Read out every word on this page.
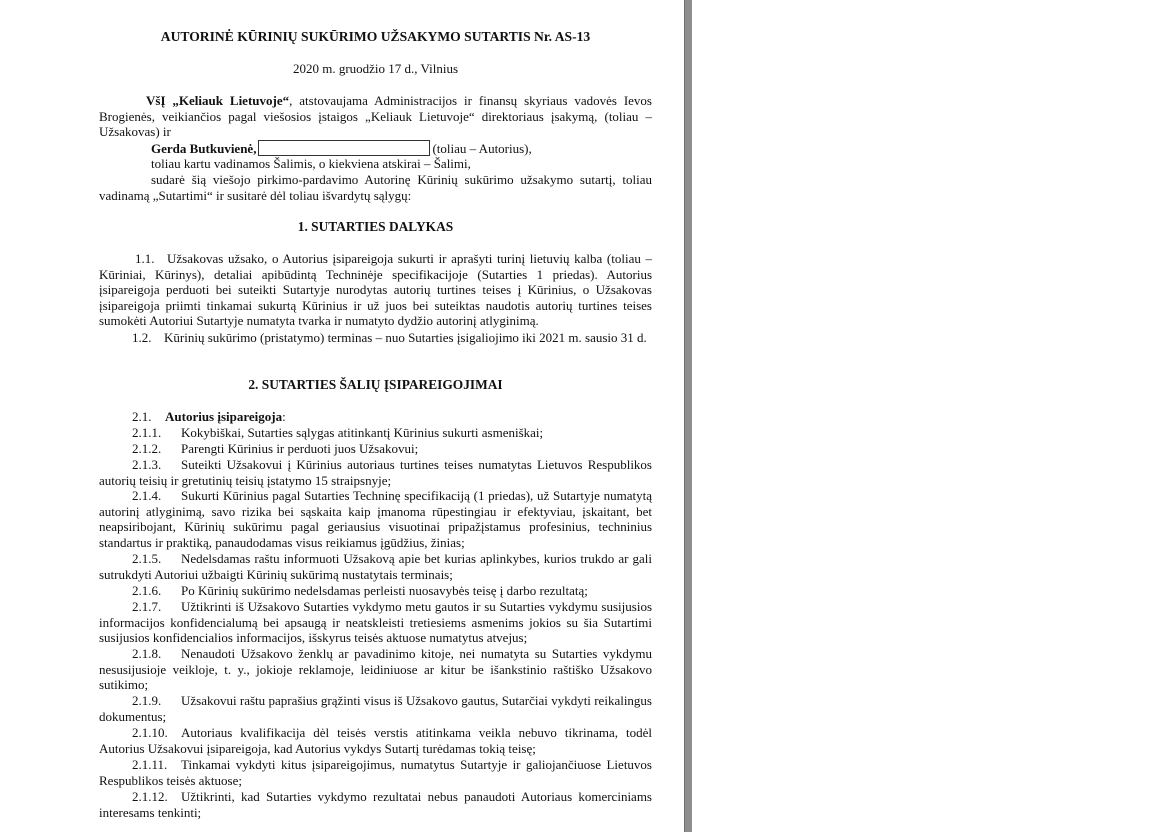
AUTORINĖ KŪRINIŲ SUKŪRIMO UŽSAKYMO SUTARTIS Nr. AS-13
2020 m. gruodžio 17 d., Vilnius
VšĮ „Keliauk Lietuvoje“, atstovaujama Administracijos ir finansų skyriaus vadovės Ievos Brogienės, veikiančios pagal viešosios įstaigos „Keliauk Lietuvoje“ direktoriaus įsakymą, (toliau – Užsakovas) ir
Gerda Butkuvienė,	(toliau – Autorius),
toliau kartu vadinamos Šalimis, o kiekviena atskirai – Šalimi,
sudarė šią viešojo pirkimo-pardavimo Autorinę Kūrinių sukūrimo užsakymo sutartį, toliau vadinamą „Sutartimi“ ir susitarė dėl toliau išvardytų sąlygų:
1. SUTARTIES DALYKAS
1.1. Užsakovas užsako, o Autorius įsipareigoja sukurti ir aprašyti turinį lietuvių kalba (toliau – Kūriniai, Kūrinys), detaliai apibūdintą Techninėje specifikacijoje (Sutarties 1 priedas). Autorius įsipareigoja perduoti bei suteikti Sutartyje nurodytas autorių turtines teises į Kūrinius, o Užsakovas įsipareigoja priimti tinkamai sukurtą Kūrinius ir už juos bei suteiktas naudotis autorių turtines teises sumokėti Autoriui Sutartyje numatyta tvarka ir numatyto dydžio autorinį atlyginimą.
1.2. Kūrinių sukūrimo (pristatymo) terminas – nuo Sutarties įsigaliojimo iki 2021 m. sausio 31 d.
2. SUTARTIES ŠALIŲ ĮSIPAREIGOJIMAI
2.1. Autorius įsipareigoja:
2.1.1. Kokybiškai, Sutarties sąlygas atitinkantį Kūrinius sukurti asmeniškai;
2.1.2. Parengti Kūrinius ir perduoti juos Užsakovui;
2.1.3. Suteikti Užsakovui į Kūrinius autoriaus turtines teises numatytas Lietuvos Respublikos autorių teisių ir gretutinių teisių įstatymo 15 straipsnyje;
2.1.4. Sukurti Kūrinius pagal Sutarties Techninę specifikaciją (1 priedas), už Sutartyje numatytą autorinį atlyginimą, savo rizika bei sąskaita kaip įmanoma rūpestingiau ir efektyviau, įskaitant, bet neapsiribojant, Kūrinių sukūrimu pagal geriausius visuotinai pripažįstamus profesinius, techninius standartus ir praktiką, panaudodamas visus reikiamus įgūdžius, žinias;
2.1.5. Nedelsdamas raštu informuoti Užsakovą apie bet kurias aplinkybes, kurios trukdo ar gali sutrukdyti Autoriui užbaigti Kūrinių sukūrimą nustatytais terminais;
2.1.6. Po Kūrinių sukūrimo nedelsdamas perleisti nuosavybės teisę į darbo rezultatą;
2.1.7. Užtikrinti iš Užsakovo Sutarties vykdymo metu gautos ir su Sutarties vykdymu susijusios informacijos konfidencialumą bei apsaugą ir neatskleisti tretiesiems asmenims jokios su šia Sutartimi susijusios konfidencialios informacijos, išskyrus teisės aktuose numatytus atvejus;
2.1.8. Nenaudoti Užsakovo ženklų ar pavadinimo kitoje, nei numatyta su Sutarties vykdymu nesusijusioje veikloje, t. y., jokioje reklamoje, leidiniuose ar kitur be išankstinio raštiško Užsakovo sutikimo;
2.1.9. Užsakovui raštu paprašius grąžinti visus iš Užsakovo gautus, Sutarčiai vykdyti reikalingus dokumentus;
2.1.10. Autoriaus kvalifikacija dėl teisės verstis atitinkama veikla nebuvo tikrinama, todėl Autorius Užsakovui įsipareigoja, kad Autorius vykdys Sutartį turėdamas tokią teisę;
2.1.11. Tinkamai vykdyti kitus įsipareigojimus, numatytus Sutartyje ir galiojančiuose Lietuvos Respublikos teisės aktuose;
2.1.12. Užtikrinti, kad Sutarties vykdymo rezultatai nebus panaudoti Autoriaus komerciniams interesams tenkinti;
